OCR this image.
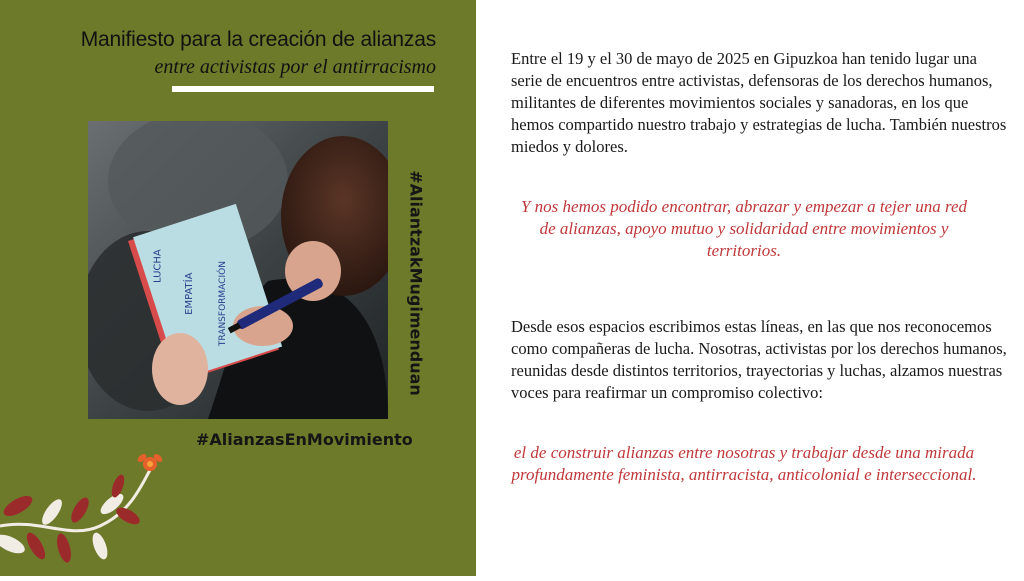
Manifiesto para la creación de alianzas
entre activistas por el antirracismo
LUCHA
EMPATÍA	TRANSFORMACIÓN
#AlianzasEnMovimiento
#AliantzakMugimenduan
Entre el 19 y el 30 de mayo de 2025 en Gipuzkoa han tenido lugar una serie de encuentros entre activistas, defensoras de los derechos humanos, militantes de diferentes movimientos sociales y sanadoras, en los que hemos compartido nuestro trabajo y estrategias de lucha. También nuestros miedos y dolores.
Y nos hemos podido encontrar, abrazar y empezar a tejer una red de alianzas, apoyo mutuo y solidaridad entre movimientos y territorios.
Desde esos espacios escribimos estas líneas, en las que nos reconocemos como compañeras de lucha. Nosotras, activistas por los derechos humanos, reunidas desde distintos territorios, trayectorias y luchas, alzamos nuestras voces para reafirmar un compromiso colectivo:
el de construir alianzas entre nosotras y trabajar desde una mirada profundamente feminista, antirracista, anticolonial e interseccional.
